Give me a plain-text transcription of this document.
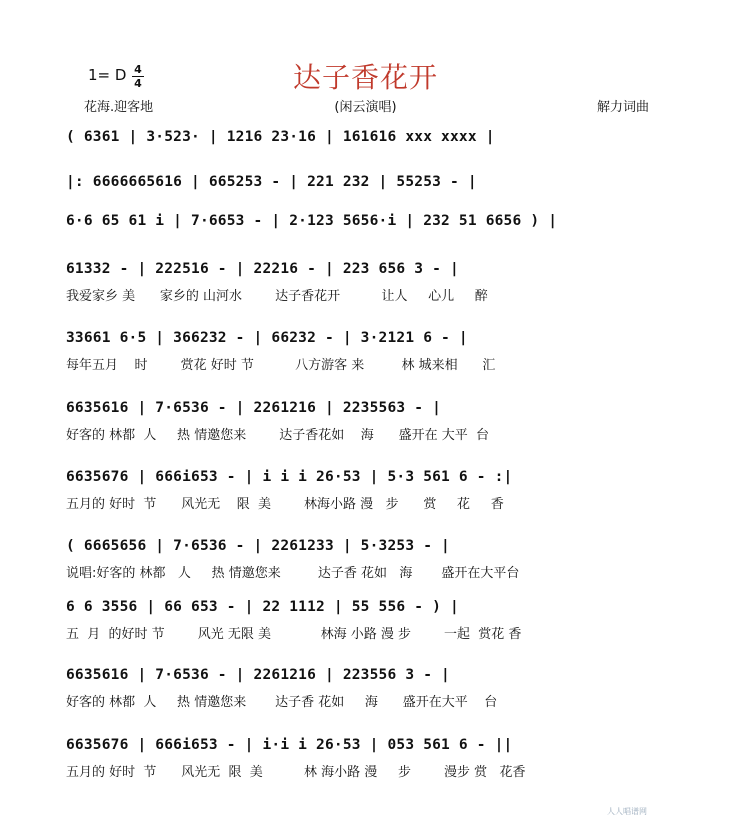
达子香花开
1= D 4
4
花海.迎客地	(闲云演唱)	解力词曲
( 6361 | 3·523· | 1216 23·16 | 161616 xxx xxxx |
|: 6666665616 | 665253 - | 221 232 | 55253 - |
6·6 65 61 i | 7·6653 - | 2·123 5656·i | 232 51 6656 ) |
61332 - | 222516 - | 22216 - | 223 656 3 - |
我爱家乡 美      家乡的 山河水        达子香花开          让人     心儿     醉
33661 6·5 | 366232 - | 66232 - | 3·2121 6 - |
每年五月    时        赏花 好时 节          八方游客 来         林 城来相      汇
6635616 | 7·6536 - | 2261216 | 2235563 - |
好客的 林都  人     热 情邀您来        达子香花如    海      盛开在 大平  台
6635676 | 666i653 - | i i i 26·53 | 5·3 561 6 - :|
五月的 好时  节      风光无    限  美        林海小路 漫   步      赏     花     香
( 6665656 | 7·6536 - | 2261233 | 5·3253 - |
说唱:好客的 林都   人     热 情邀您来         达子香 花如   海       盛开在大平台
6 6 3556 | 66 653 - | 22 1112 | 55 556 - ) |
五  月  的好时 节        风光 无限 美            林海 小路 漫 步        一起  赏花 香
6635616 | 7·6536 - | 2261216 | 223556 3 - |
好客的 林都  人     热 情邀您来       达子香 花如     海      盛开在大平    台
6635676 | 666i653 - | i·i i 26·53 | 053 561 6 - ||
五月的 好时  节      风光无  限  美          林 海小路 漫     步        漫步 赏   花香
人人唱谱网
